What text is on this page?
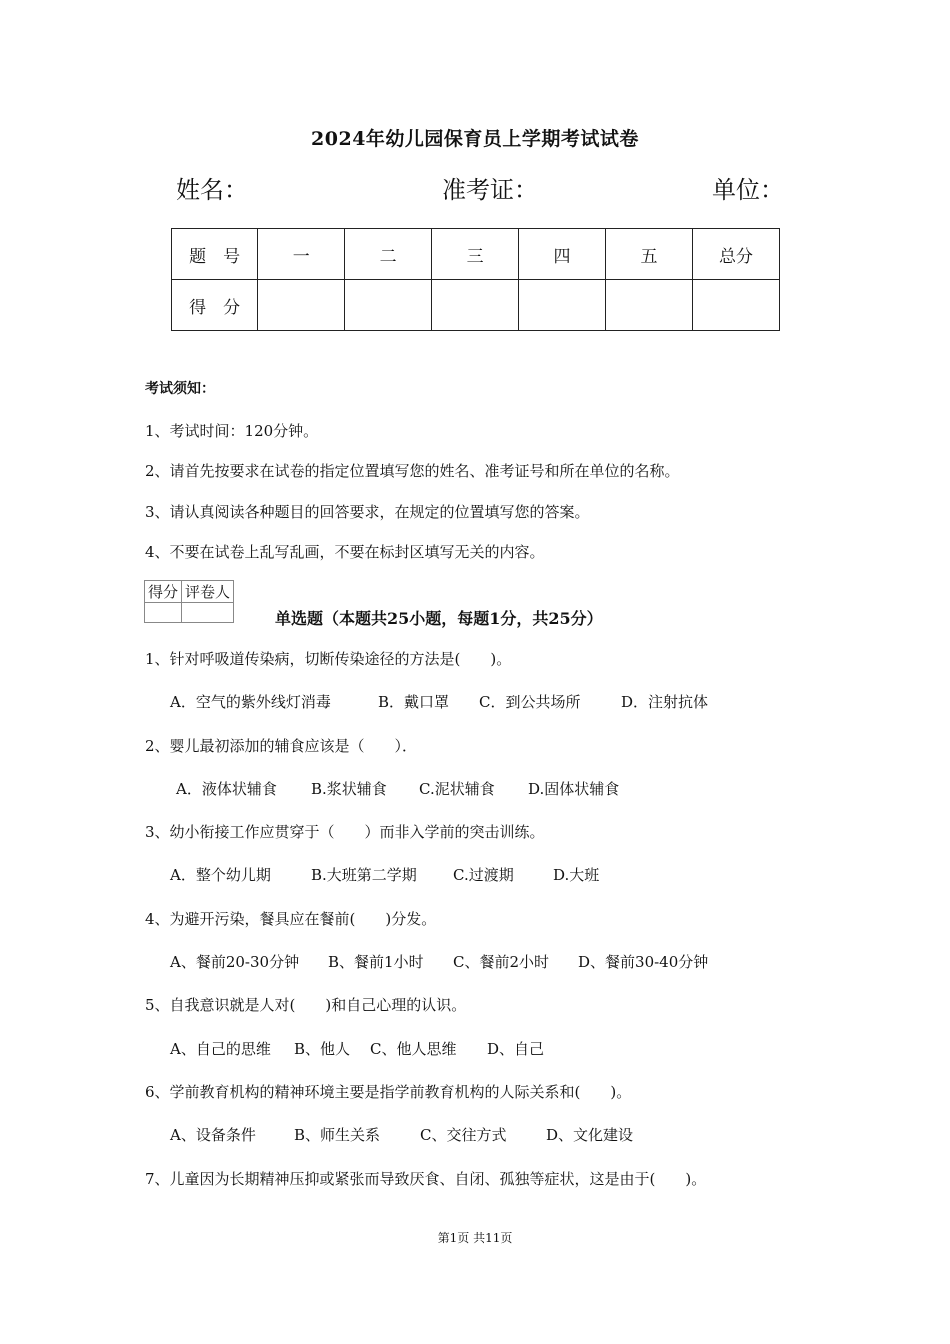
2024年幼儿园保育员上学期考试试卷
姓名：	准考证：	单位：
题　号	一	二	三	四	五	总分
得　分						
考试须知：
1、考试时间：120分钟。
2、请首先按要求在试卷的指定位置填写您的姓名、准考证号和所在单位的名称。
3、请认真阅读各种题目的回答要求，在规定的位置填写您的答案。
4、不要在试卷上乱写乱画，不要在标封区填写无关的内容。
得分	评卷人

单选题（本题共25小题，每题1分，共25分）
1、针对呼吸道传染病，切断传染途径的方法是(　　)。
A．空气的紫外线灯消毒	B．戴口罩 C．到公共场所	D．注射抗体
2、婴儿最初添加的辅食应该是（　　）．
A．液体状辅食 B.浆状辅食 C.泥状辅食 D.固体状辅食
3、幼小衔接工作应贯穿于（　　）而非入学前的突击训练。
A．整个幼儿期	B.大班第二学期 C.过渡期	D.大班
4、为避开污染，餐具应在餐前(　　)分发。
A、餐前20-30分钟 B、餐前1小时 C、餐前2小时 D、餐前30-40分钟
5、自我意识就是人对(　　)和自己心理的认识。
A、自己的思维 B、他人 C、他人思维 D、自己
6、学前教育机构的精神环境主要是指学前教育机构的人际关系和(　　)。
A、设备条件	B、师生关系	C、交往方式	D、文化建设
7、儿童因为长期精神压抑或紧张而导致厌食、自闭、孤独等症状，这是由于(　　)。
第1页 共11页
